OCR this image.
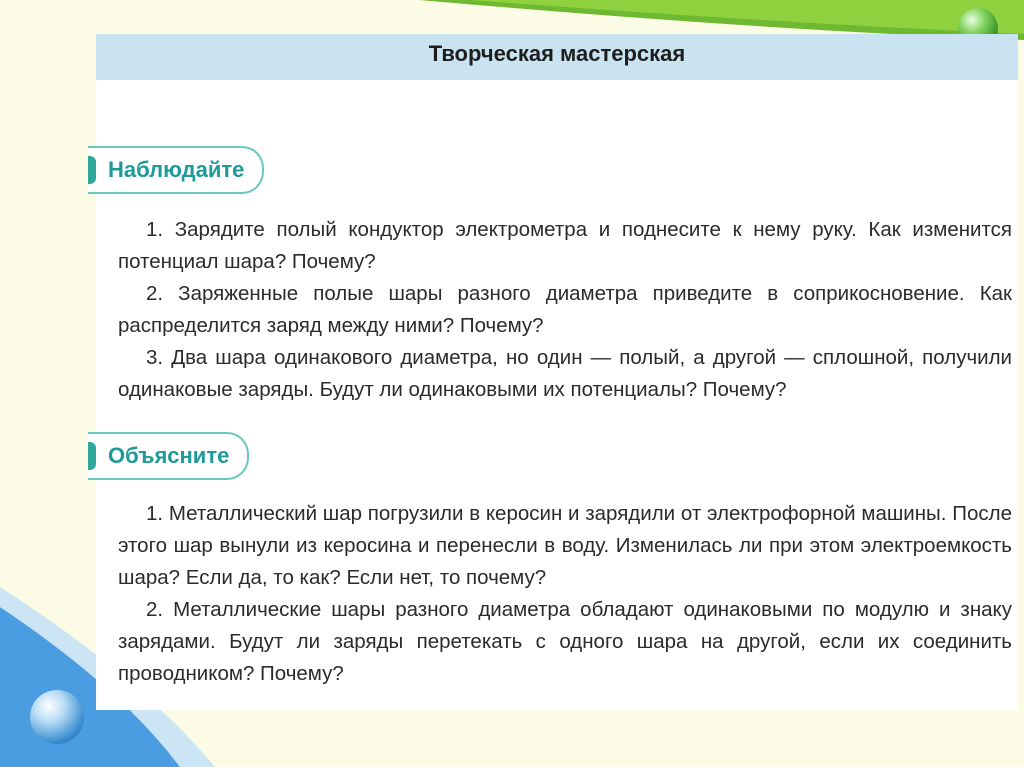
Творческая мастерская
Наблюдайте
1. Зарядите полый кондуктор электрометра и поднесите к нему руку. Как изменится потенциал шара? Почему?
2. Заряженные полые шары разного диаметра приведите в соприкосновение. Как распределится заряд между ними? Почему?
3. Два шара одинакового диаметра, но один — полый, а другой — сплошной, получили одинаковые заряды. Будут ли одинаковыми их потенциалы? Почему?
Объясните
1. Металлический шар погрузили в керосин и зарядили от электрофорной машины. После этого шар вынули из керосина и перенесли в воду. Изменилась ли при этом электроемкость шара? Если да, то как? Если нет, то почему?
2. Металлические шары разного диаметра обладают одинаковыми по модулю и знаку зарядами. Будут ли заряды перетекать с одного шара на другой, если их соединить проводником? Почему?
